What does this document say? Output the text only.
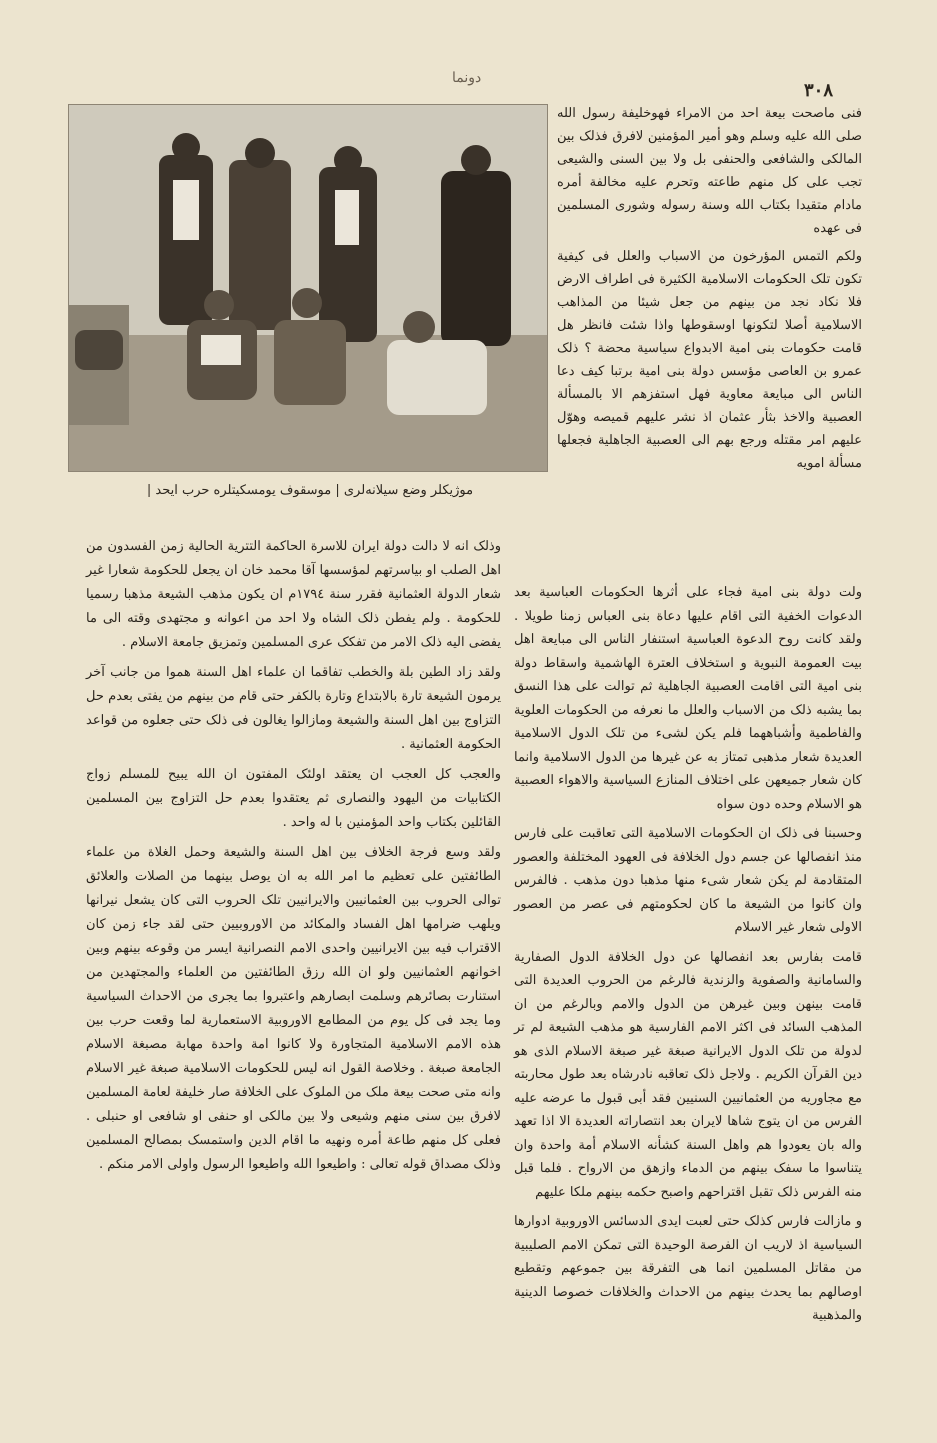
دونما
٣٠٨
موژیکلر وضع سیلانه‌لری | موسقوف یومسکیتلره حرب ایحد |

فنی ماصحت بیعة احد من الامراء فهوخلیفة رسول الله صلی الله علیه وسلم وهو أمیر المؤمنین لافرق فذلک بین المالکی والشافعی والحنفی بل ولا بین السنی والشیعی تجب علی کل منهم طاعته وتحرم علیه مخالفة أمره مادام متقیدا بکتاب الله وسنة رسوله وشوری المسلمین فی عهده

ولکم التمس المؤرخون من الاسباب والعلل فی کیفیة تکون تلک الحکومات الاسلامیة الکثیرة فی اطراف الارض فلا نکاد نجد من بینهم من جعل شیئا من المذاهب الاسلامیة أصلا لتکونها اوسقوطها واذا شئت فانظر هل قامت حکومات بنی امیة الابدواع سیاسیة محضة ؟ ذلک عمرو بن العاصی مؤسس دولة بنی امیة برتبا کیف دعا الناس الی مبایعة معاویة فهل استفزهم الا بالمسألة العصبیة والاخذ بثأر عثمان اذ نشر علیهم قمیصه وهوّل علیهم امر مقتله ورجع بهم الی العصبیة الجاهلیة فجعلها مسألة امویه

ولت دولة بنی امیة فجاء علی أثرها الحکومات العباسیة بعد الدعوات الخفیة التی اقام علیها دعاة بنی العباس زمنا طویلا . ولقد کانت روح الدعوة العباسیة استنفار الناس الی مبایعة اهل بیت العمومة النبویة و استخلاف العترة الهاشمیة واسقاط دولة بنی امیة التی اقامت العصبیة الجاهلیة ثم توالت علی هذا النسق بما یشبه ذلک من الاسباب والعلل ما نعرفه من الحکومات العلویة والفاطمیة وأشباههما فلم یکن لشیء من تلک الدول الاسلامیة العدیدة شعار مذهبی تمتاز به عن غیرها من الدول الاسلامیة وانما کان شعار جمیعهن علی اختلاف المنازع السیاسیة والاهواء العصبیة هو الاسلام وحده دون سواه

وحسبنا فی ذلک ان الحکومات الاسلامیة التی تعاقبت علی فارس منذ انفصالها عن جسم دول الخلافة فی العهود المختلفة والعصور المتقادمة لم یکن شعار شیء منها مذهبا دون مذهب . فالفرس وان کانوا من الشیعة ما کان لحکومتهم فی عصر من العصور الاولی شعار غیر الاسلام

قامت بفارس بعد انفصالها عن دول الخلافة الدول الصفاریة والسامانیة والصفویة والزندیة فالرغم من الحروب العدیدة التی قامت بینهن وبین غیرهن من الدول والامم وبالرغم من ان المذهب السائد فی اکثر الامم الفارسیة هو مذهب الشیعة لم تر لدولة من تلک الدول الایرانیة صبغة غیر صبغة الاسلام الذی هو دین القرآن الکریم . ولاجل ذلک تعاقبه نادرشاه بعد طول محاربته مع مجاوریه من العثمانیین السنیین فقد أبی قبول ما عرضه علیه الفرس من ان یتوج شاها لایران بعد انتصاراته العدیدة الا اذا تعهد واله بان یعودوا هم واهل السنة کشأنه الاسلام أمة واحدة وان یتناسوا ما سفک بینهم من الدماء وازهق من الارواح . فلما قبل منه الفرس ذلک تقبل اقتراحهم واصبح حکمه بینهم ملکا علیهم

و مازالت فارس کذلک حتی لعبت ایدی الدسائس الاوروبیة ادوارها السیاسیة اذ لاریب ان الفرصة الوحیدة التی تمکن الامم الصلیبیة من مقاتل المسلمین انما هی التفرقة بین جموعهم وتقطیع اوصالهم بما یحدث بینهم من الاحداث والخلافات خصوصا الدینیة والمذهبیة

وذلک انه لا دالت دولة ایران للاسرة الحاکمة التتریة الحالیة زمن الفسدون من اهل الصلب او بیاسرتهم لمؤسسها آقا محمد خان ان یجعل للحکومة شعارا غیر شعار الدولة العثمانیة فقرر سنة ١٧٩٤م ان یکون مذهب الشیعة مذهبا رسمیا للحکومة . ولم یفطن ذلک الشاه ولا احد من اعوانه و مجتهدی وقته الی ما یفضی الیه ذلک الامر من تفکک عری المسلمین وتمزیق جامعة الاسلام .

ولقد زاد الطین بلة والخطب تفاقما ان علماء اهل السنة هموا من جانب آخر یرمون الشیعة تارة بالابتداع وتارة بالکفر حتی قام من بینهم من یفتی بعدم حل التزاوج بین اهل السنة والشیعة ومازالوا یغالون فی ذلک حتی جعلوه من قواعد الحکومة العثمانیة .

والعجب کل العجب ان یعتقد اولئک المفتون ان الله یبیح للمسلم زواج الکتابیات من الیهود والنصاری ثم یعتقدوا بعدم حل التزاوج بین المسلمین القائلین بکتاب واحد المؤمنین با له واحد .

ولقد وسع فرجة الخلاف بین اهل السنة والشیعة وحمل الغلاة من علماء الطائفتین علی تعظیم ما امر الله به ان یوصل بینهما من الصلات والعلائق توالی الحروب بین العثمانیین والایرانیین تلک الحروب التی کان یشعل نیرانها ویلهب ضرامها اهل الفساد والمکائد من الاوروبیین حتی لقد جاء زمن کان الاقتراب فیه بین الایرانیین واحدی الامم النصرانیة ایسر من وقوعه بینهم وبین اخوانهم العثمانیین ولو ان الله رزق الطائفتین من العلماء والمجتهدین من استنارت بصائرهم وسلمت ابصارهم واعتبروا بما یجری من الاحداث السیاسیة وما یجد فی کل یوم من المطامع الاوروبیة الاستعماریة لما وقعت حرب بین هذه الامم الاسلامیة المتجاورة ولا کانوا امة واحدة مهابة مصبغة الاسلام الجامعة صبغة . وخلاصة القول انه لیس للحکومات الاسلامیة صبغة غیر الاسلام وانه متی صحت بیعة ملک من الملوک علی الخلافة صار خلیفة لعامة المسلمین لافرق بین سنی منهم وشیعی ولا بین مالکی او حنفی او شافعی او حنبلی . فعلی کل منهم طاعة أمره ونهیه ما اقام الدین واستمسک بمصالح المسلمین وذلک مصداق قوله تعالی : واطیعوا الله واطیعوا الرسول واولی الامر منکم .
